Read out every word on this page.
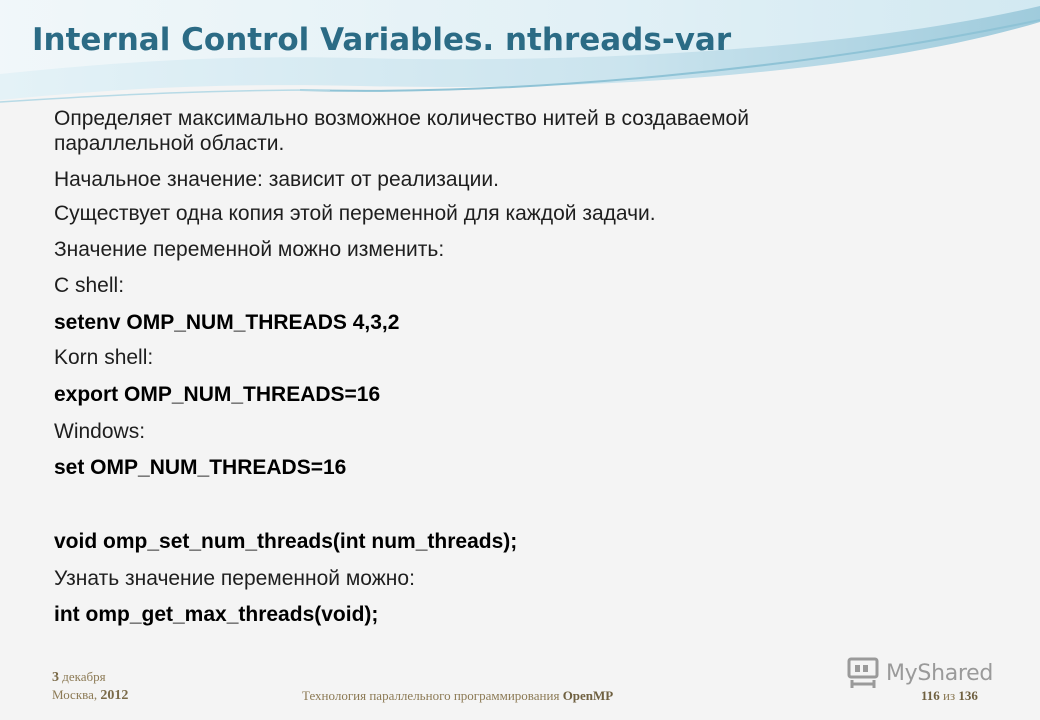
Internal Control Variables. nthreads-var
Определяет максимально возможное количество нитей в создаваемой
параллельной области.
Начальное значение: зависит от реализации.
Существует одна копия этой переменной для каждой задачи.
Значение переменной можно изменить:
C shell:
setenv OMP_NUM_THREADS 4,3,2
Korn shell:
export OMP_NUM_THREADS=16
Windows:
set OMP_NUM_THREADS=16
void omp_set_num_threads(int num_threads);
Узнать значение переменной можно:
int omp_get_max_threads(void);
3 декабря
Москва, 2012	Технология параллельного программирования OpenMP	116 из 136
MyShared
